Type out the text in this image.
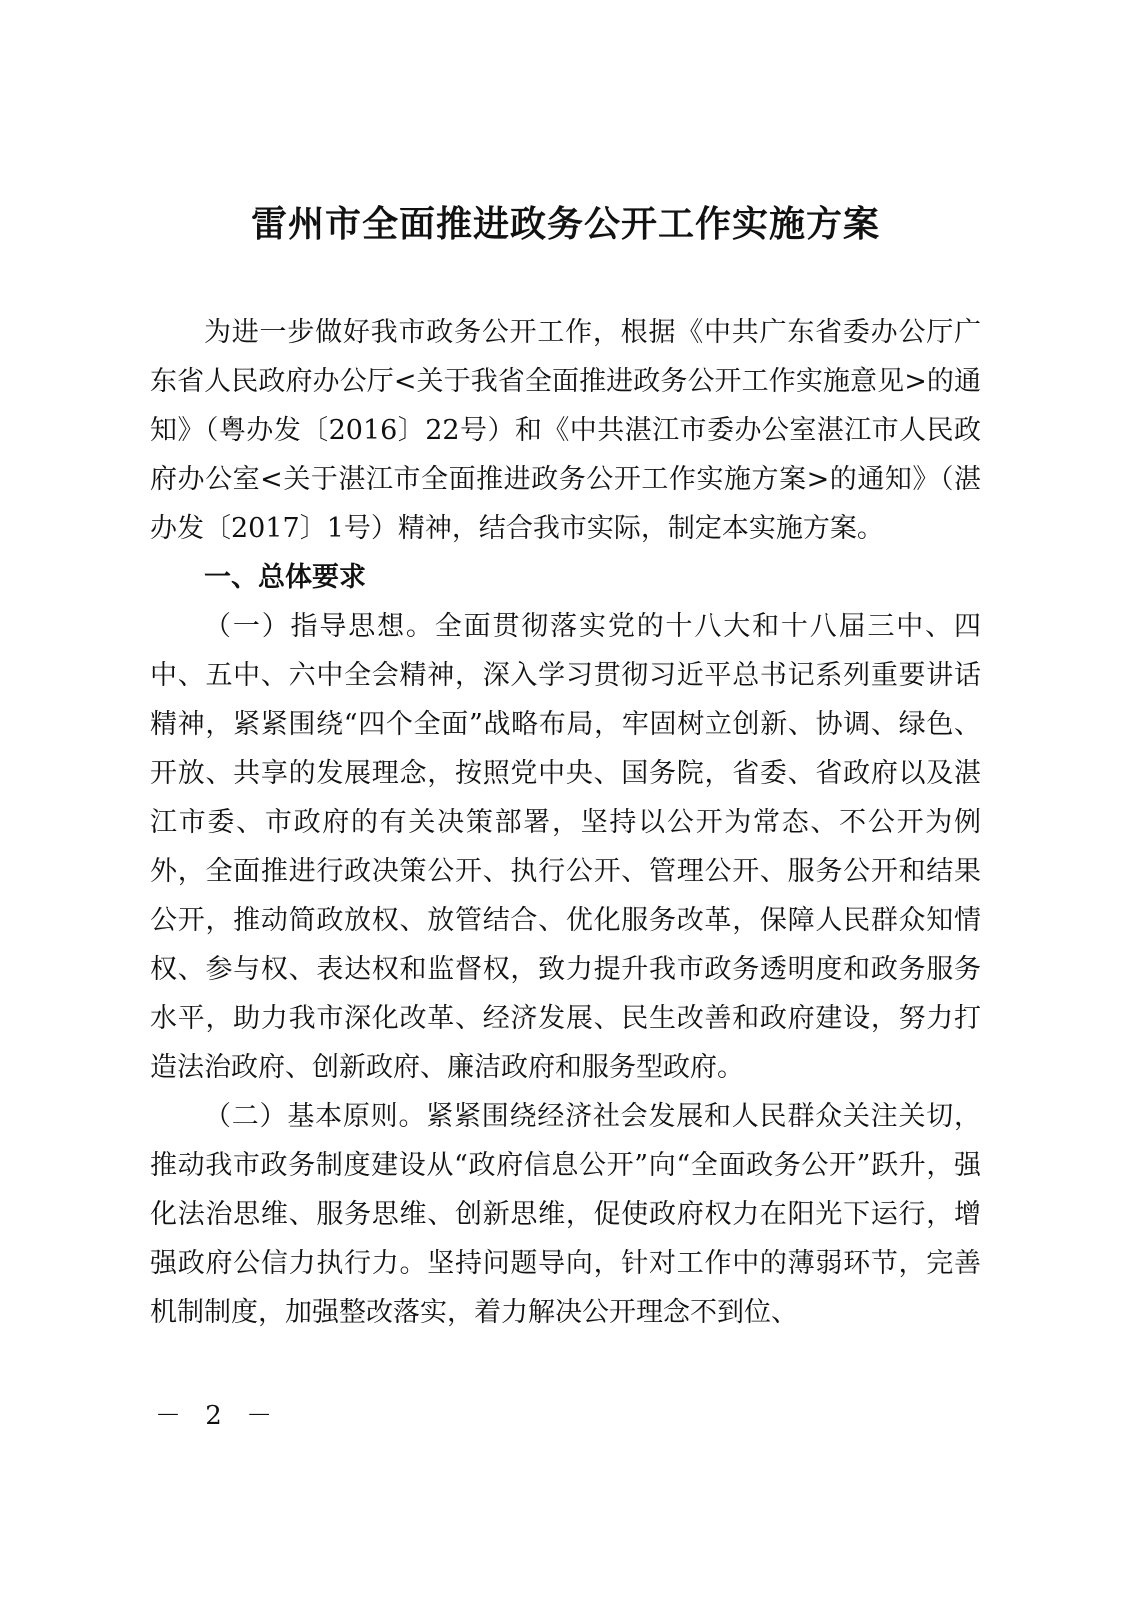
雷州市全面推进政务公开工作实施方案

为进一步做好我市政务公开工作，根据《中共广东省委办公厅广东省人民政府办公厅<关于我省全面推进政务公开工作实施意见>的通知》（粤办发〔2016〕22号）和《中共湛江市委办公室湛江市人民政府办公室<关于湛江市全面推进政务公开工作实施方案>的通知》（湛办发〔2017〕1号）精神，结合我市实际，制定本实施方案。

一、总体要求

（一）指导思想。全面贯彻落实党的十八大和十八届三中、四中、五中、六中全会精神，深入学习贯彻习近平总书记系列重要讲话精神，紧紧围绕“四个全面”战略布局，牢固树立创新、协调、绿色、开放、共享的发展理念，按照党中央、国务院，省委、省政府以及湛江市委、市政府的有关决策部署，坚持以公开为常态、不公开为例外，全面推进行政决策公开、执行公开、管理公开、服务公开和结果公开，推动简政放权、放管结合、优化服务改革，保障人民群众知情权、参与权、表达权和监督权，致力提升我市政务透明度和政务服务水平，助力我市深化改革、经济发展、民生改善和政府建设，努力打造法治政府、创新政府、廉洁政府和服务型政府。

（二）基本原则。紧紧围绕经济社会发展和人民群众关注关切，推动我市政务制度建设从“政府信息公开”向“全面政务公开”跃升，强化法治思维、服务思维、创新思维，促使政府权力在阳光下运行，增强政府公信力执行力。坚持问题导向，针对工作中的薄弱环节，完善机制制度，加强整改落实，着力解决公开理念不到位、

－ 2 －
